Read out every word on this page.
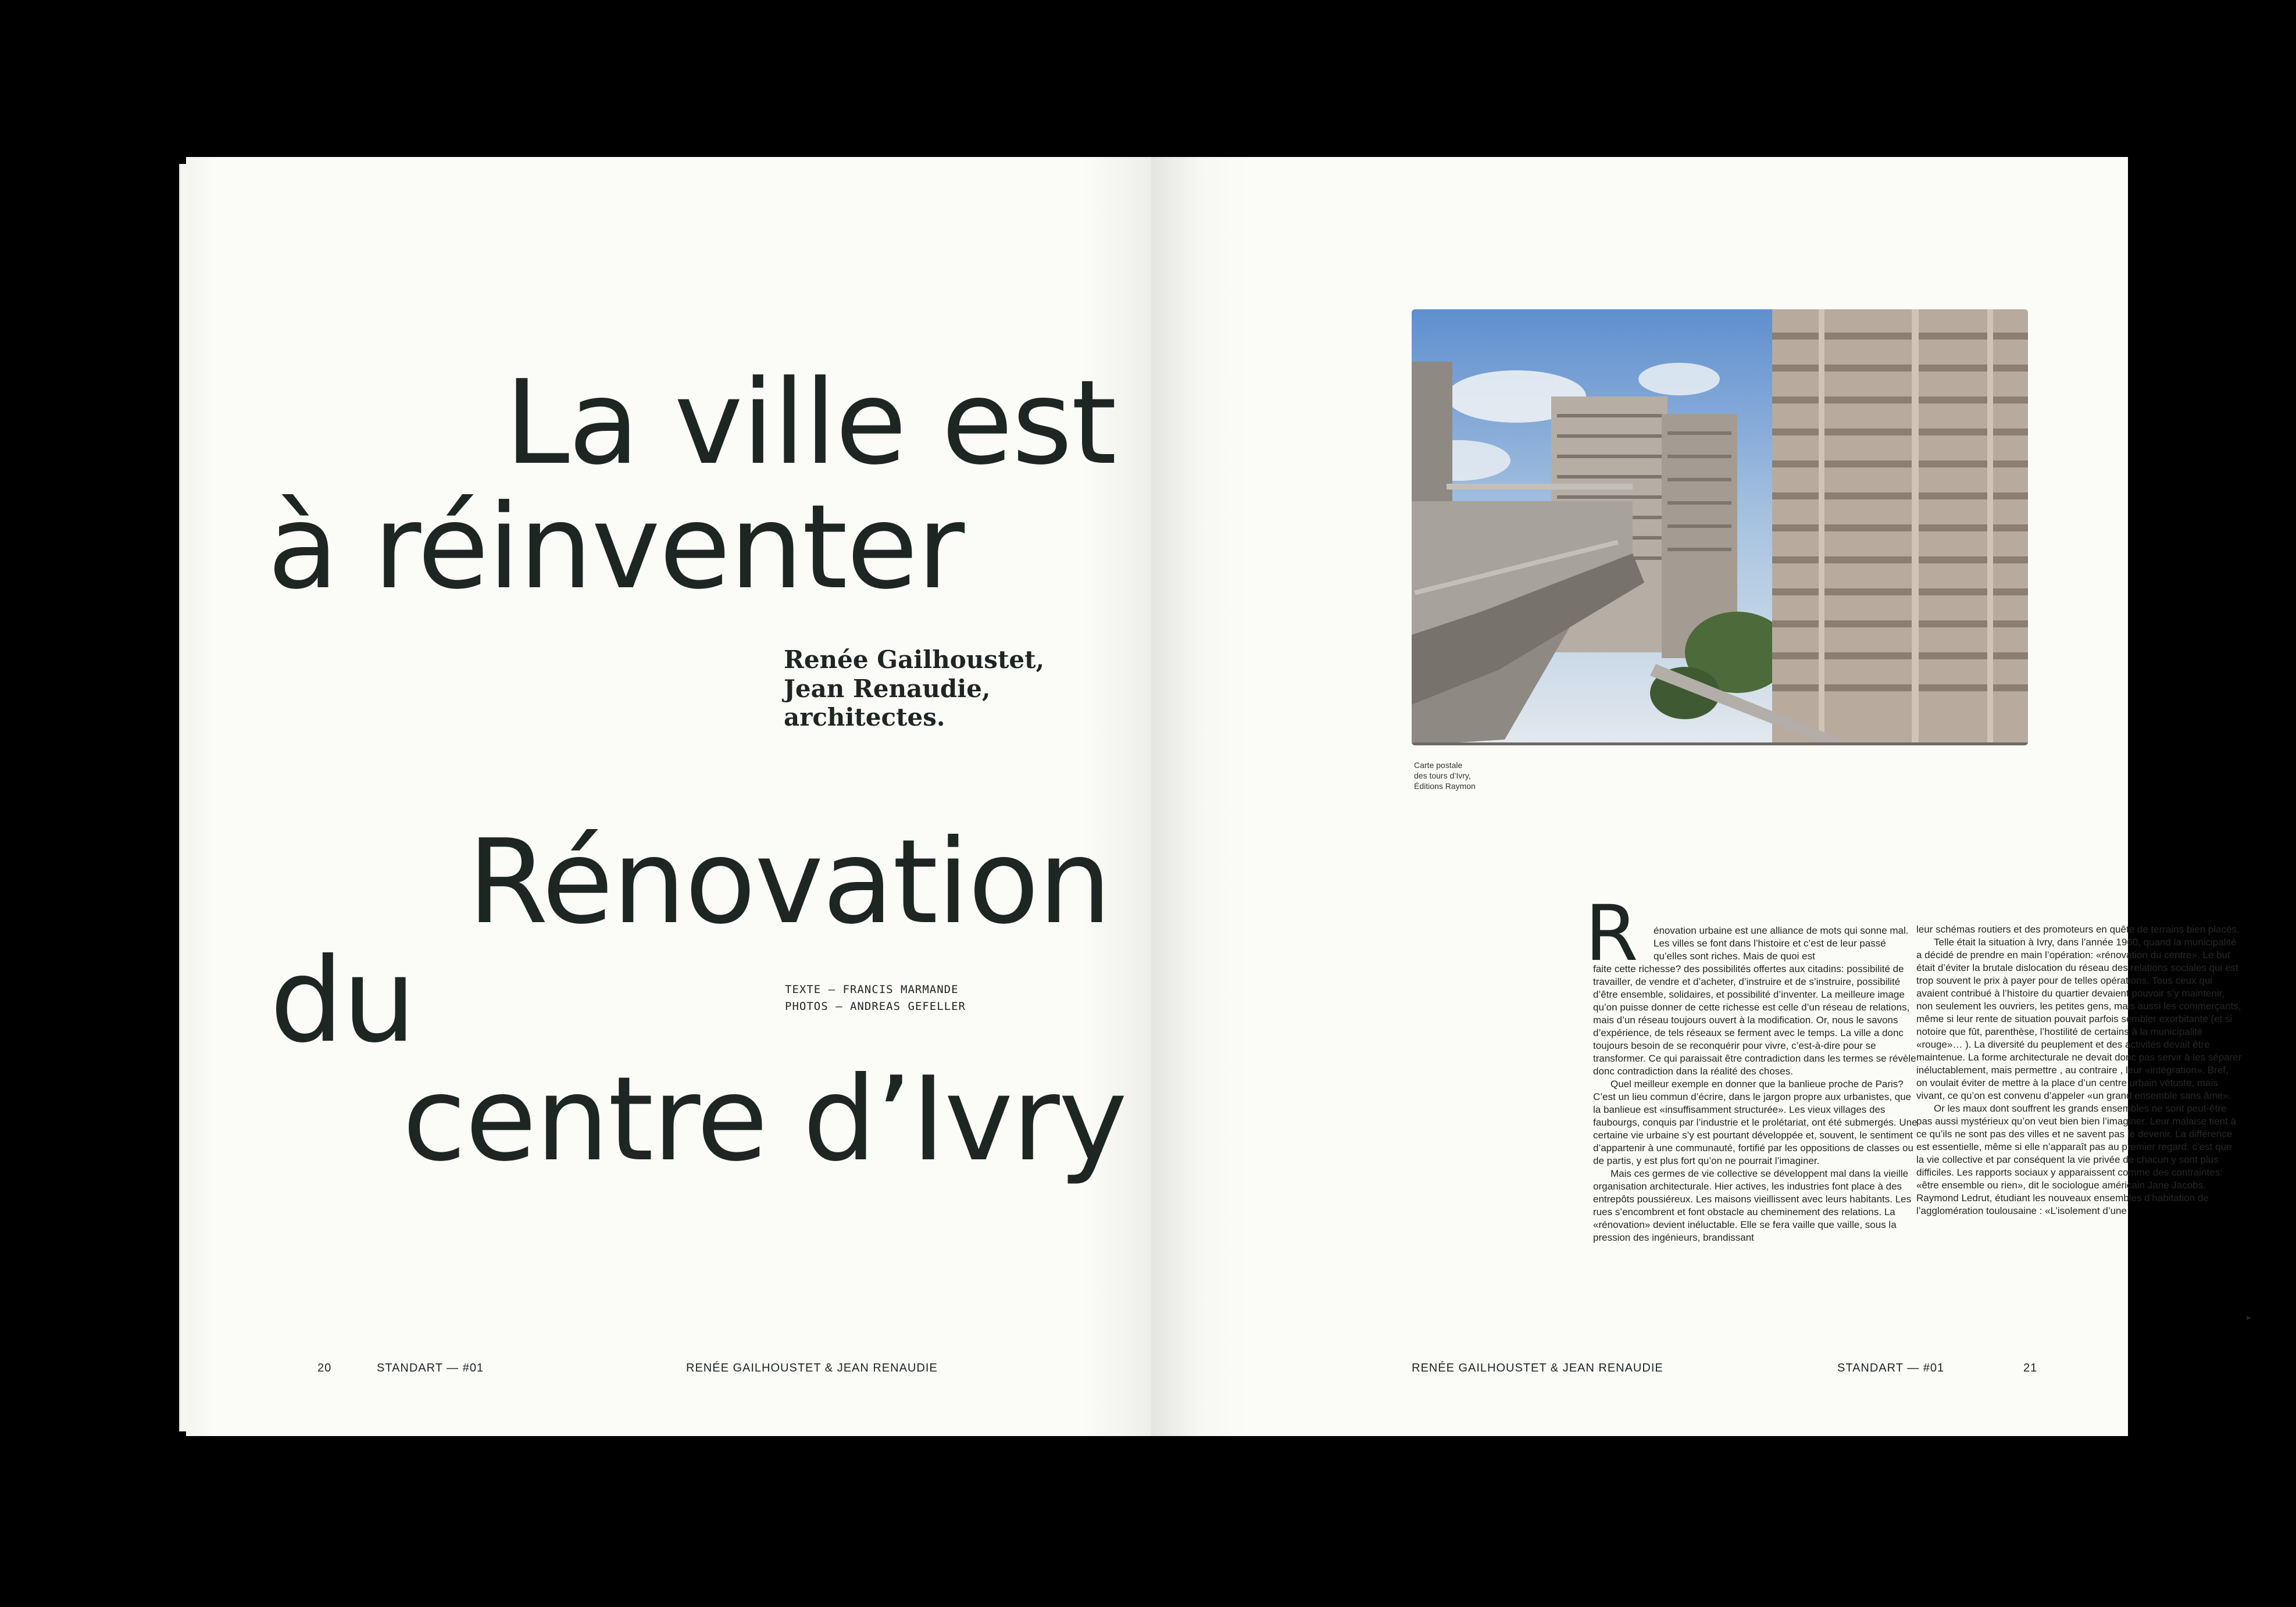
La ville est
à réinventer
Renée Gailhoustet,
Jean Renaudie,
architectes.
Rénovation
du
centre d’Ivry
TEXTE — FRANCIS MARMANDE
PHOTOS — ANDREAS GEFELLER
20	STANDART — #01	RENÉE GAILHOUSTET & JEAN RENAUDIE
Carte postale
des tours d’Ivry,
Éditions Raymon
R	énovation urbaine est une alliance de mots qui sonne mal. Les villes se font dans l’histoire et c’est de leur passé qu’elles sont riches. Mais de quoi est

faite cette richesse? des possibilités offertes aux citadins: possibilité de travailler, de vendre et d’acheter, d’instruire et de s’instruire, possibilité d’être ensemble, solidaires, et possibilité d’inventer. La meilleure image qu’on puisse donner de cette richesse est celle d’un réseau de relations, mais d’un réseau toujours ouvert à la modification. Or, nous le savons d’expérience, de tels réseaux se ferment avec le temps. La ville a donc toujours besoin de se reconquérir pour vivre, c’est-à-dire pour se transformer. Ce qui paraissait être contradiction dans les termes se révèle donc contradiction dans la réalité des choses.

Quel meilleur exemple en donner que la banlieue proche de Paris? C’est un lieu commun d’écrire, dans le jargon propre aux urbanistes, que la banlieue est «insuffisamment structurée». Les vieux villages des faubourgs, conquis par l’industrie et le prolétariat, ont été submergés. Une certaine vie urbaine s’y est pourtant développée et, souvent, le sentiment d’appartenir à une communauté, fortifié par les oppositions de classes ou de partis, y est plus fort qu’on ne pourrait l’imaginer.

Mais ces germes de vie collective se développent mal dans la vieille organisation architecturale. Hier actives, les industries font place à des entrepôts poussiéreux. Les maisons vieillissent avec leurs habitants. Les rues s’encombrent et font obstacle au cheminement des relations. La «rénovation» devient inéluctable. Elle se fera vaille que vaille, sous la pression des ingénieurs, brandissant

leur schémas routiers et des promoteurs en quête de terrains bien placés.

Telle était la situation à Ivry, dans l’année 1960, quand la municipalité a décidé de prendre en main l’opération: «rénovation du centre». Le but était d’éviter la brutale dislocation du réseau des relations sociales qui est trop souvent le prix à payer pour de telles opérations. Tous ceux qui avaient contribué à l’histoire du quartier devaient pouvoir s’y maintenir, non seulement les ouvriers, les petites gens, mais aussi les commerçants, même si leur rente de situation pouvait parfois sembler exorbitante (et si notoire que fût, parenthèse, l’hostilité de certains à la municipalité «rouge»… ). La diversité du peuplement et des activités devait être maintenue. La forme architecturale ne devait donc pas servir à les séparer inéluctablement, mais permettre , au contraire , leur «intégration». Bref, on voulait éviter de mettre à la place d’un centre urbain vétuste, mais vivant, ce qu’on est convenu d’appeler «un grand ensemble sans âme».

Or les maux dont souffrent les grands ensembles ne sont peut-être pas aussi mystérieux qu’on veut bien bien l’imaginer. Leur malaise tient à ce qu’ils ne sont pas des villes et ne savent pas le devenir. La différence est essentielle, même si elle n’apparaît pas au premier regard: c’est que la vie collective et par conséquent la vie privée de chacun y sont plus difficiles. Les rapports sociaux y apparaissent comme des contraintes: «être ensemble ou rien», dit le sociologue américain Jane Jacobs. Raymond Ledrut, étudiant les nouveaux ensembles d’habitation de l’agglomération toulousaine : «L’isolement d’une

▸
RENÉE GAILHOUSTET & JEAN RENAUDIE	STANDART — #01	21
